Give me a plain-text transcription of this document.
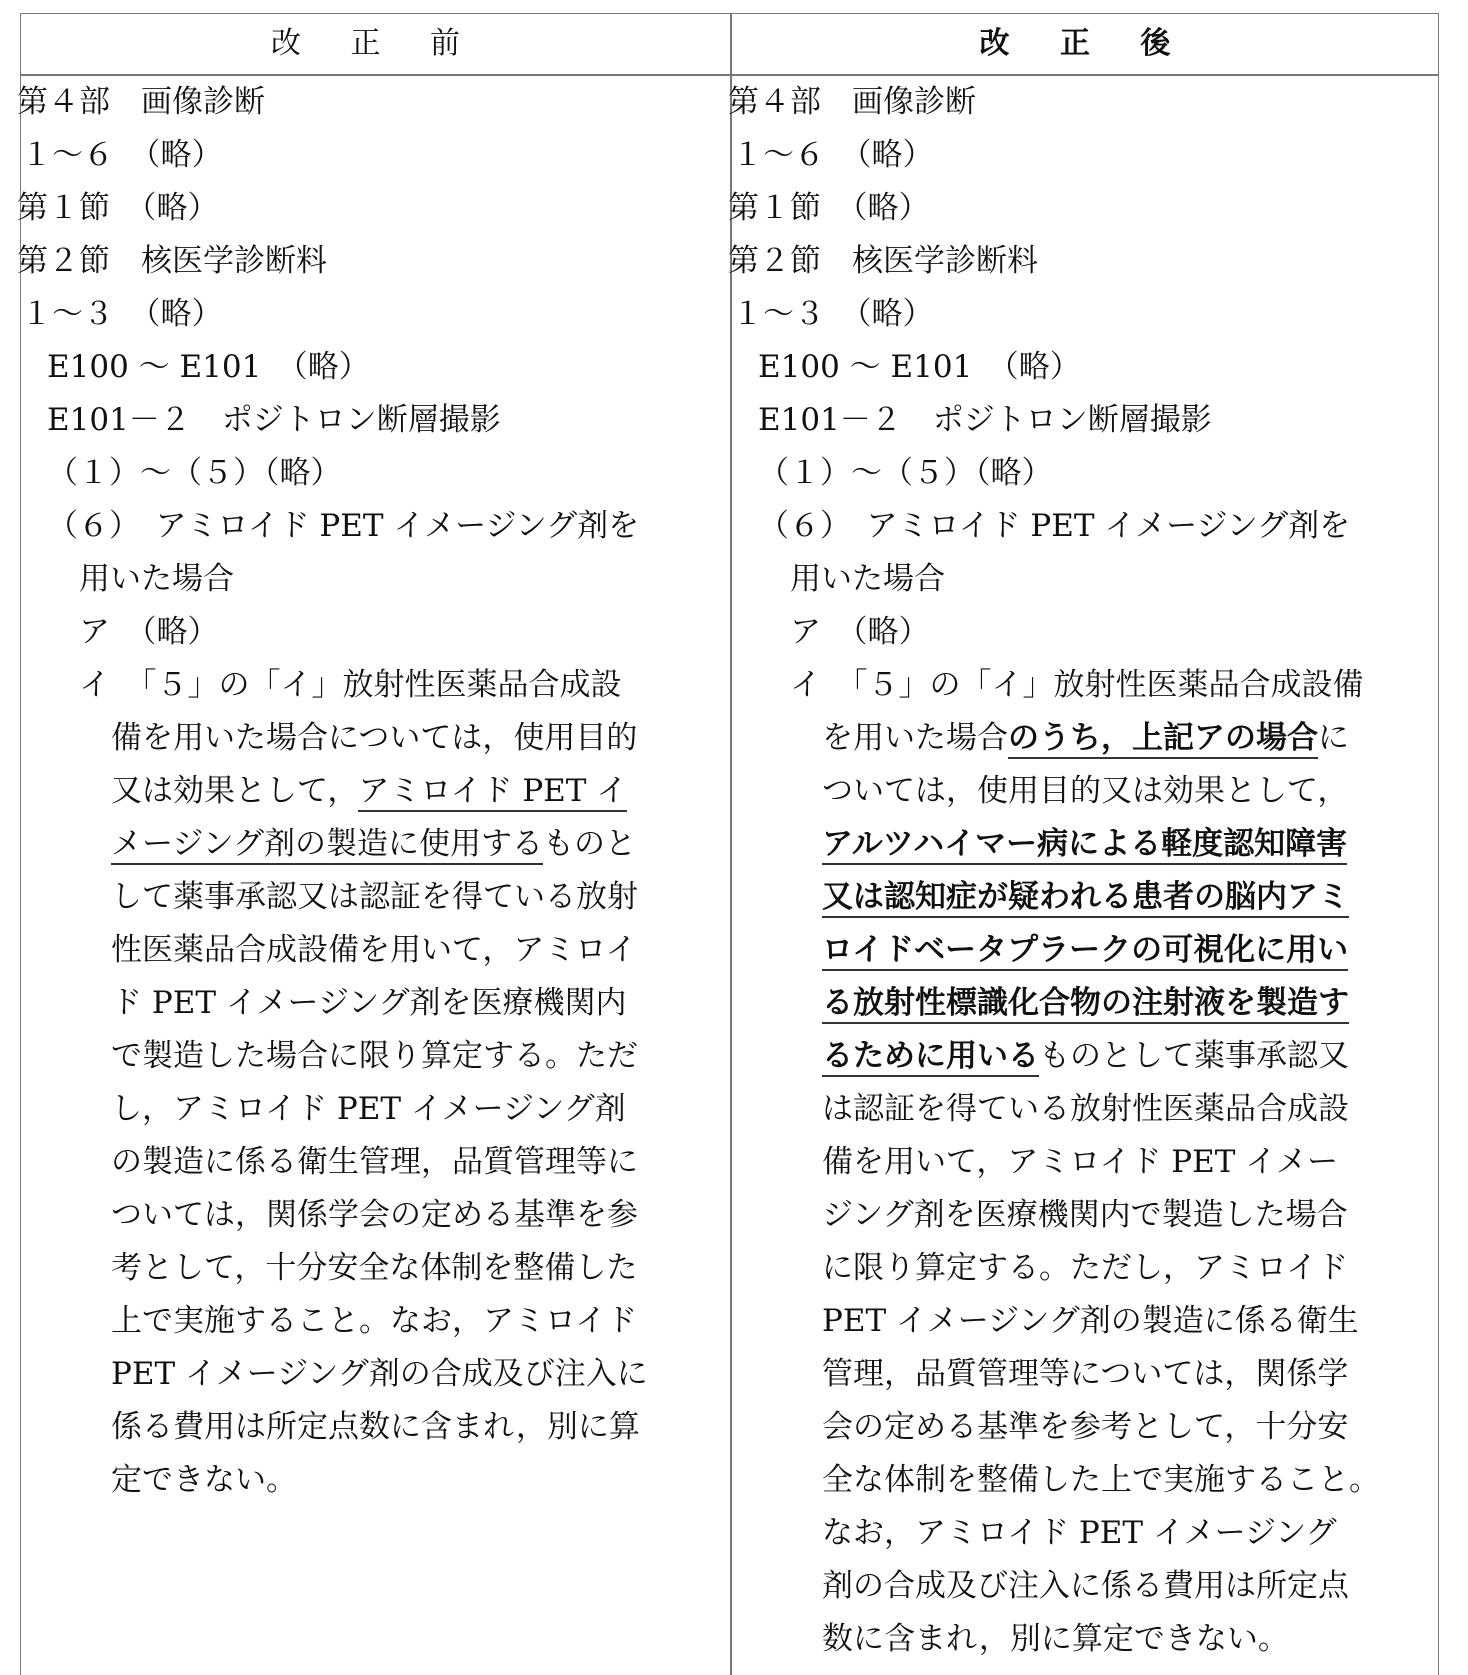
改 正 前	改 正 後
第４部　画像診断
１～６　（略）
第１節　（略）
第２節　核医学診断料
１～３　（略）
E100 ～ E101　（略）
E101－２　ポジトロン断層撮影
（１）～（５）（略）
（６）　アミロイド PET イメージング剤を
用いた場合
ア　（略）
イ　「５」の「イ」放射性医薬品合成設
備を用いた場合については，使用目的
又は効果として，アミロイド PET イ
メージング剤の製造に使用するものと
して薬事承認又は認証を得ている放射
性医薬品合成設備を用いて，アミロイ
ド PET イメージング剤を医療機関内
で製造した場合に限り算定する。ただ
し，アミロイド PET イメージング剤
の製造に係る衛生管理，品質管理等に
ついては，関係学会の定める基準を参
考として，十分安全な体制を整備した
上で実施すること。なお，アミロイド
PET イメージング剤の合成及び注入に
係る費用は所定点数に含まれ，別に算
定できない。
第４部　画像診断
１～６　（略）
第１節　（略）
第２節　核医学診断料
１～３　（略）
E100 ～ E101　（略）
E101－２　ポジトロン断層撮影
（１）～（５）（略）
（６）　アミロイド PET イメージング剤を
用いた場合
ア　（略）
イ　「５」の「イ」放射性医薬品合成設備
を用いた場合のうち，上記アの場合に
ついては，使用目的又は効果として，
アルツハイマー病による軽度認知障害
又は認知症が疑われる患者の脳内アミ
ロイドベータプラークの可視化に用い
る放射性標識化合物の注射液を製造す
るために用いるものとして薬事承認又
は認証を得ている放射性医薬品合成設
備を用いて，アミロイド PET イメー
ジング剤を医療機関内で製造した場合
に限り算定する。ただし，アミロイド
PET イメージング剤の製造に係る衛生
管理，品質管理等については，関係学
会の定める基準を参考として，十分安
全な体制を整備した上で実施すること。
なお，アミロイド PET イメージング
剤の合成及び注入に係る費用は所定点
数に含まれ，別に算定できない。
